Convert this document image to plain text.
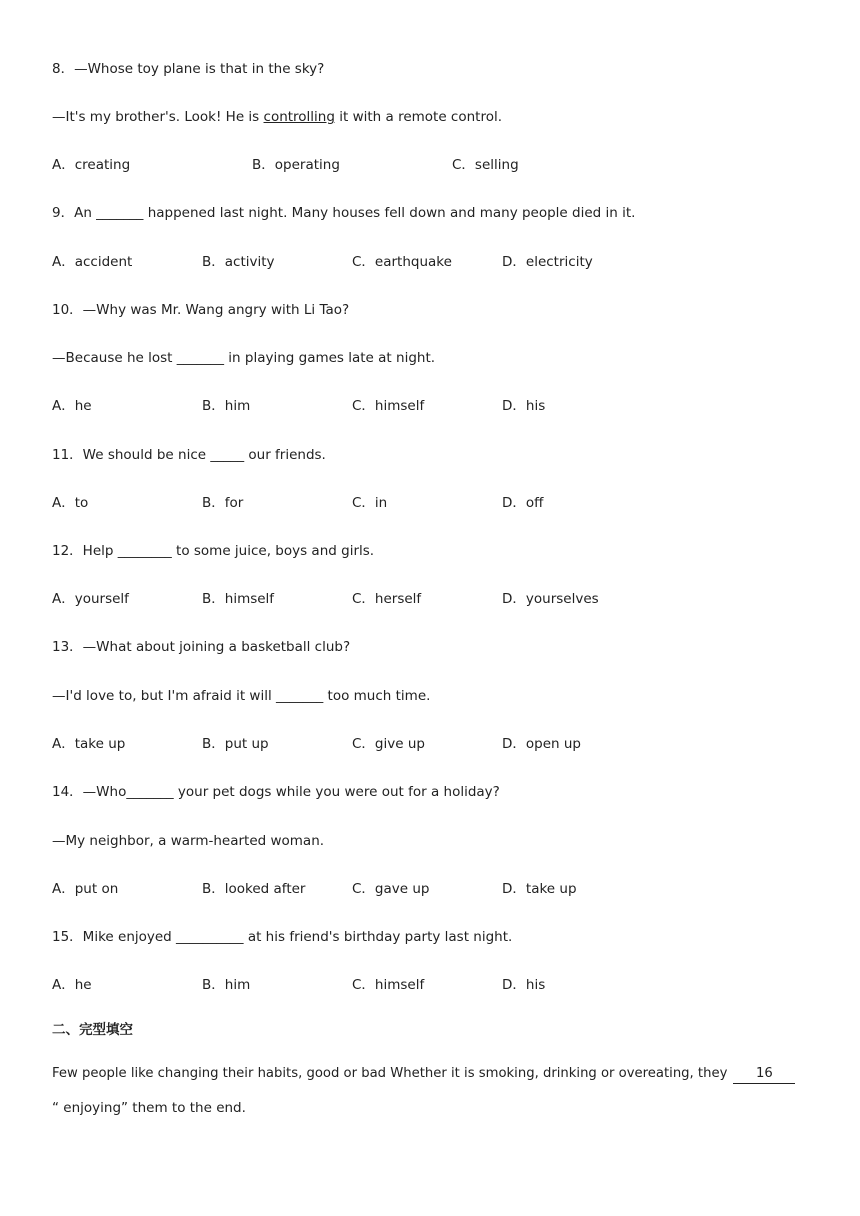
8．—Whose toy plane is that in the sky?
—It's my brother's. Look! He is controlling it with a remote control.
A．creating	B．operating	C．selling
9．An _______ happened last night. Many houses fell down and many people died in it.
A．accident	B．activity	C．earthquake	D．electricity
10．—Why was Mr. Wang angry with Li Tao?
—Because he lost _______ in playing games late at night.
A．he	B．him	C．himself	D．his
11．We should be nice _____ our friends.
A．to	B．for	C．in	D．off
12．Help ________ to some juice, boys and girls.
A．yourself	B．himself	C．herself	D．yourselves
13．—What about joining a basketball club?
—I'd love to, but I'm afraid it will _______ too much time.
A．take up	B．put up	C．give up	D．open up
14．—Who_______ your pet dogs while you were out for a holiday?
—My neighbor, a warm-hearted woman.
A．put on	B．looked after	C．gave up	D．take up
15．Mike enjoyed __________ at his friend's birthday party last night.
A．he	B．him	C．himself	D．his
二、完型填空
Few people like changing their habits, good or bad Whether it is smoking, drinking or overeating, they 16
“ enjoying” them to the end.
